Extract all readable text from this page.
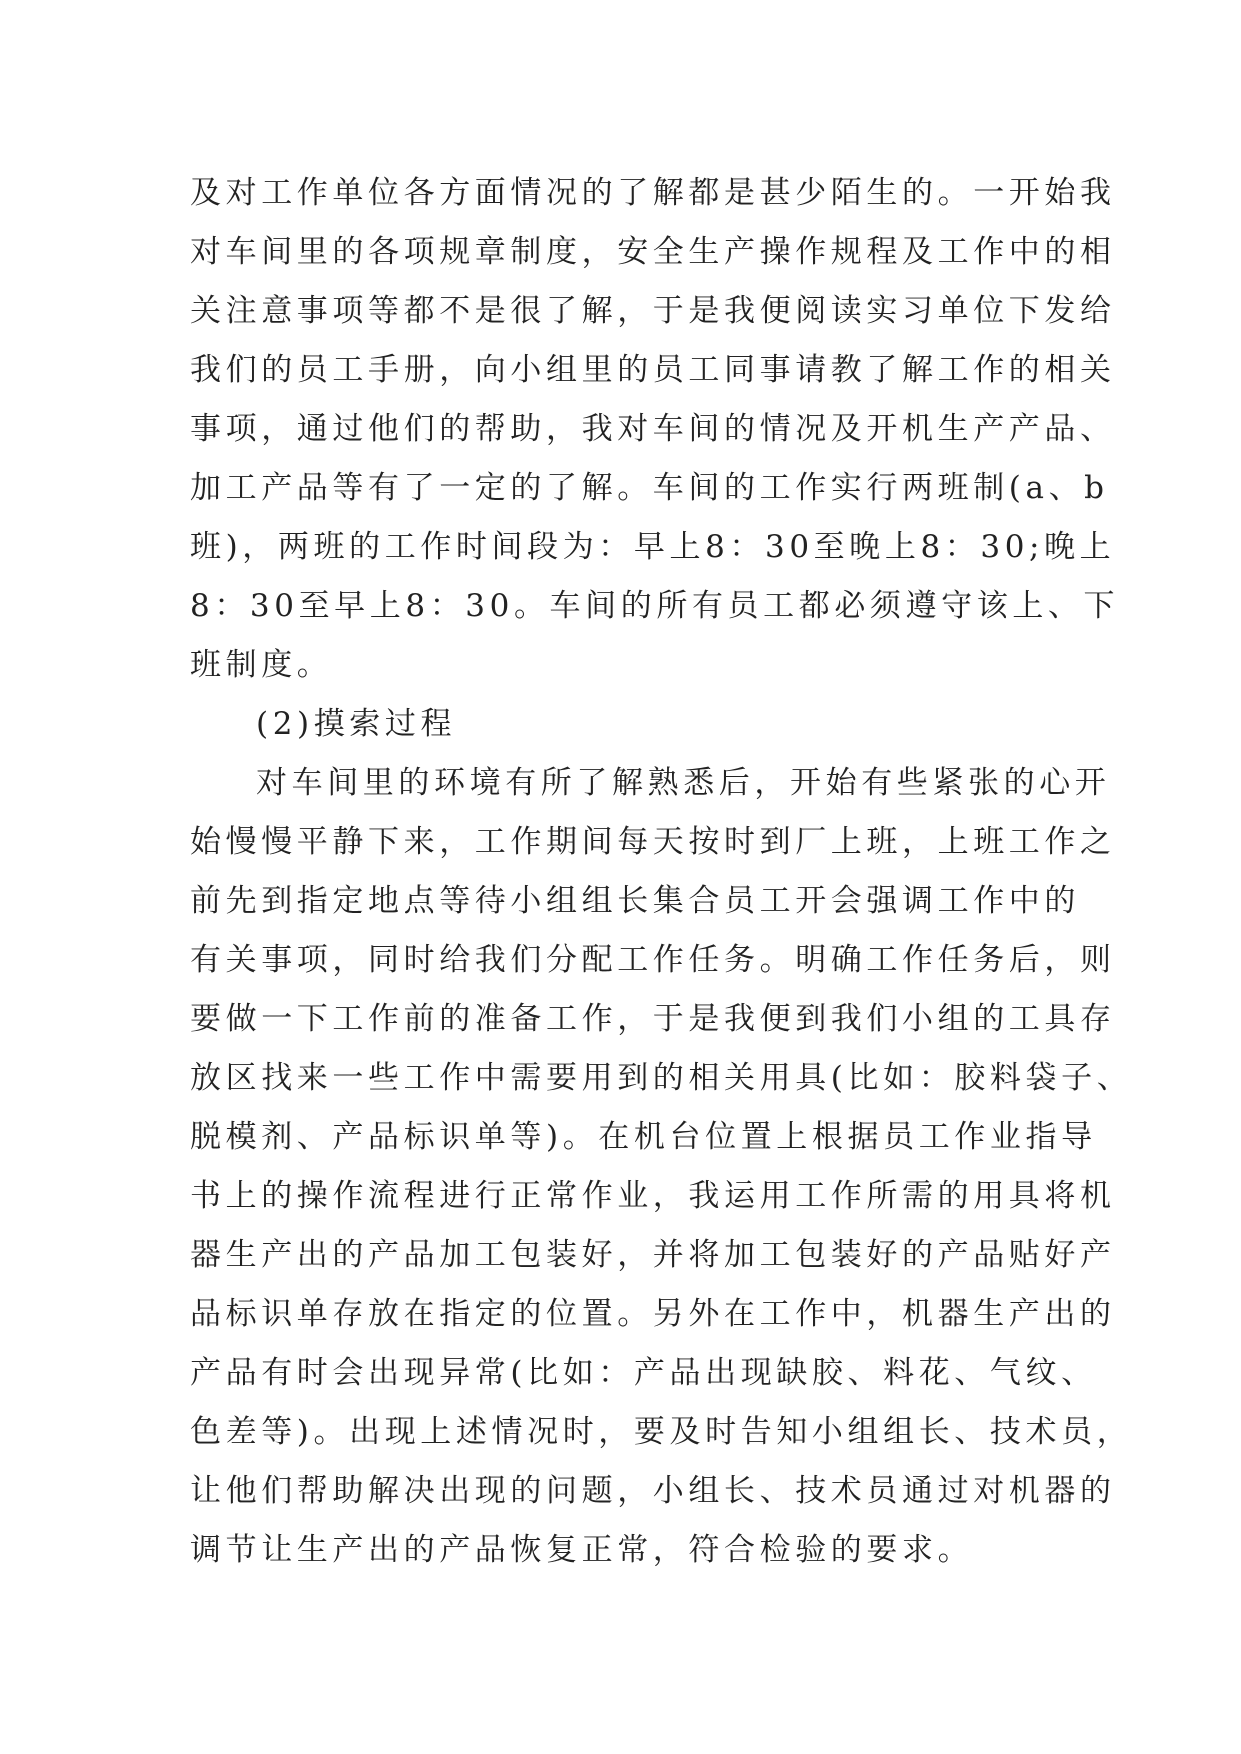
及对工作单位各方面情况的了解都是甚少陌生的。一开始我
对车间里的各项规章制度，安全生产操作规程及工作中的相
关注意事项等都不是很了解，于是我便阅读实习单位下发给
我们的员工手册，向小组里的员工同事请教了解工作的相关
事项，通过他们的帮助，我对车间的情况及开机生产产品、
加工产品等有了一定的了解。车间的工作实行两班制(a、b
班)，两班的工作时间段为：早上8：30至晚上8：30;晚上
8：30至早上8：30。车间的所有员工都必须遵守该上、下
班制度。
(2)摸索过程
对车间里的环境有所了解熟悉后，开始有些紧张的心开
始慢慢平静下来，工作期间每天按时到厂上班，上班工作之
前先到指定地点等待小组组长集合员工开会强调工作中的
有关事项，同时给我们分配工作任务。明确工作任务后，则
要做一下工作前的准备工作，于是我便到我们小组的工具存
放区找来一些工作中需要用到的相关用具(比如：胶料袋子、
脱模剂、产品标识单等)。在机台位置上根据员工作业指导
书上的操作流程进行正常作业，我运用工作所需的用具将机
器生产出的产品加工包装好，并将加工包装好的产品贴好产
品标识单存放在指定的位置。另外在工作中，机器生产出的
产品有时会出现异常(比如：产品出现缺胶、料花、气纹、
色差等)。出现上述情况时，要及时告知小组组长、技术员，
让他们帮助解决出现的问题，小组长、技术员通过对机器的
调节让生产出的产品恢复正常，符合检验的要求。
